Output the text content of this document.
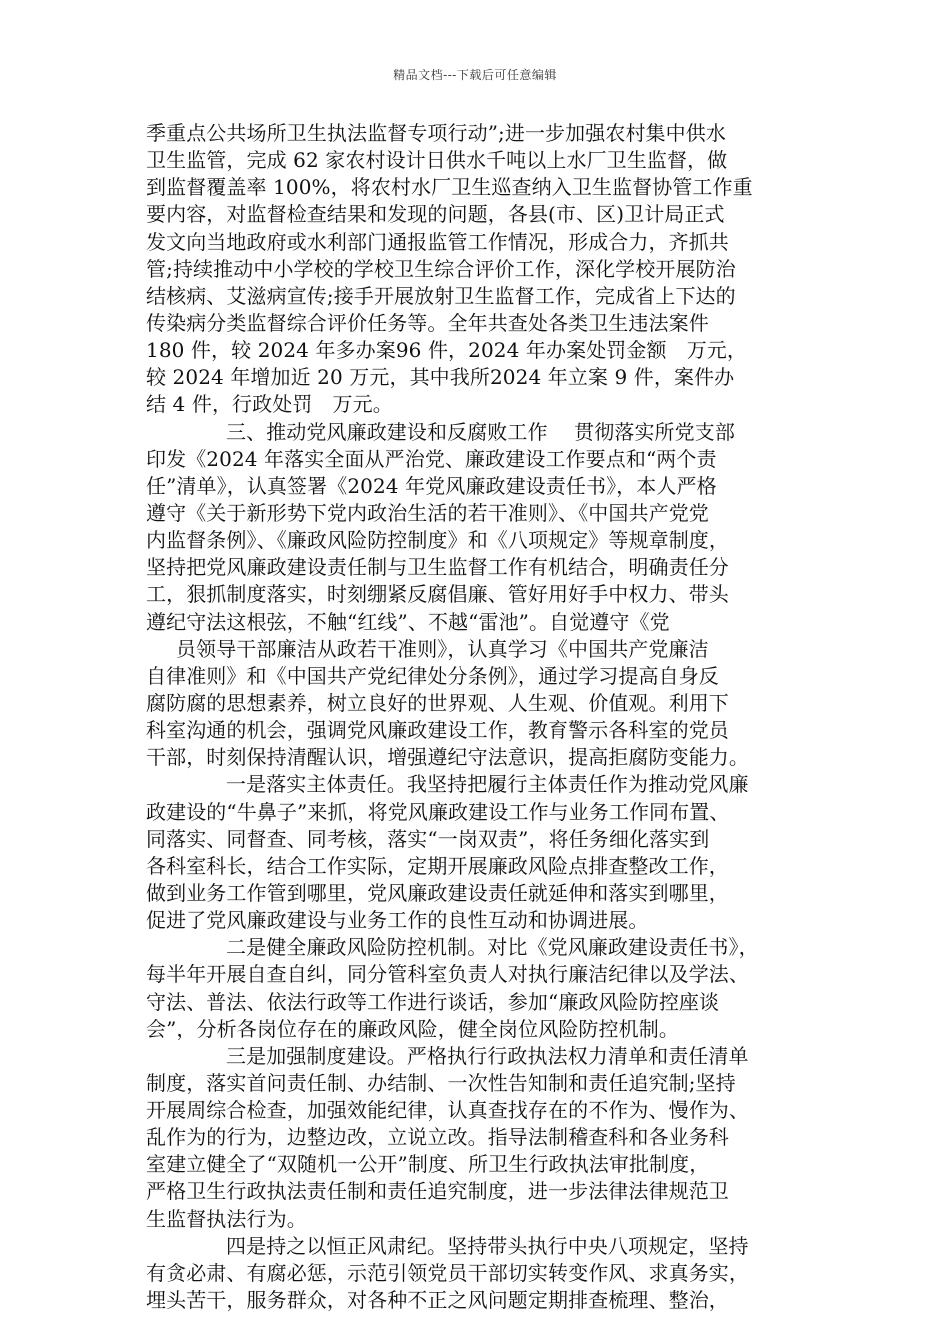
精品文档---下载后可任意编辑
季重点公共场所卫生执法监督专项行动”;进一步加强农村集中供水
卫生监管，完成 62 家农村设计日供水千吨以上水厂卫生监督，做
到监督覆盖率 100%，将农村水厂卫生巡查纳入卫生监督协管工作重
要内容，对监督检查结果和发现的问题，各县(市、区)卫计局正式
发文向当地政府或水利部门通报监管工作情况，形成合力，齐抓共
管;持续推动中小学校的学校卫生综合评价工作，深化学校开展防治
结核病、艾滋病宣传;接手开展放射卫生监督工作，完成省上下达的
传染病分类监督综合评价任务等。全年共查处各类卫生违法案件
180 件，较 2024 年多办案96 件，2024 年办案处罚金额　万元，
较 2024 年增加近 20 万元，其中我所2024 年立案 9 件，案件办
结 4 件，行政处罚　万元。
三、推动党风廉政建设和反腐败工作　 贯彻落实所党支部
印发《2024 年落实全面从严治党、廉政建设工作要点和“两个责
任”清单》，认真签署《2024 年党风廉政建设责任书》，本人严格
遵守《关于新形势下党内政治生活的若干准则》、《中国共产党党
内监督条例》、《廉政风险防控制度》和《八项规定》等规章制度，
坚持把党风廉政建设责任制与卫生监督工作有机结合，明确责任分
工，狠抓制度落实，时刻绷紧反腐倡廉、管好用好手中权力、带头
遵纪守法这根弦，不触“红线”、不越“雷池”。自觉遵守《党
员领导干部廉洁从政若干准则》，认真学习《中国共产党廉洁
自律准则》和《中国共产党纪律处分条例》，通过学习提高自身反
腐防腐的思想素养，树立良好的世界观、人生观、价值观。利用下
科室沟通的机会，强调党风廉政建设工作，教育警示各科室的党员
干部，时刻保持清醒认识，增强遵纪守法意识，提高拒腐防变能力。
一是落实主体责任。我坚持把履行主体责任作为推动党风廉
政建设的“牛鼻子”来抓，将党风廉政建设工作与业务工作同布置、
同落实、同督查、同考核，落实“一岗双责”，将任务细化落实到
各科室科长，结合工作实际，定期开展廉政风险点排查整改工作，
做到业务工作管到哪里，党风廉政建设责任就延伸和落实到哪里，
促进了党风廉政建设与业务工作的良性互动和协调进展。
二是健全廉政风险防控机制。对比《党风廉政建设责任书》，
每半年开展自查自纠，同分管科室负责人对执行廉洁纪律以及学法、
守法、普法、依法行政等工作进行谈话，参加“廉政风险防控座谈
会”，分析各岗位存在的廉政风险，健全岗位风险防控机制。
三是加强制度建设。严格执行行政执法权力清单和责任清单
制度，落实首问责任制、办结制、一次性告知制和责任追究制;坚持
开展周综合检查，加强效能纪律，认真查找存在的不作为、慢作为、
乱作为的行为，边整边改，立说立改。指导法制稽查科和各业务科
室建立健全了“双随机一公开”制度、所卫生行政执法审批制度，
严格卫生行政执法责任制和责任追究制度，进一步法律法律规范卫
生监督执法行为。
四是持之以恒正风肃纪。坚持带头执行中央八项规定，坚持
有贪必肃、有腐必惩，示范引领党员干部切实转变作风、求真务实，
埋头苦干，服务群众，对各种不正之风问题定期排查梳理、整治，
